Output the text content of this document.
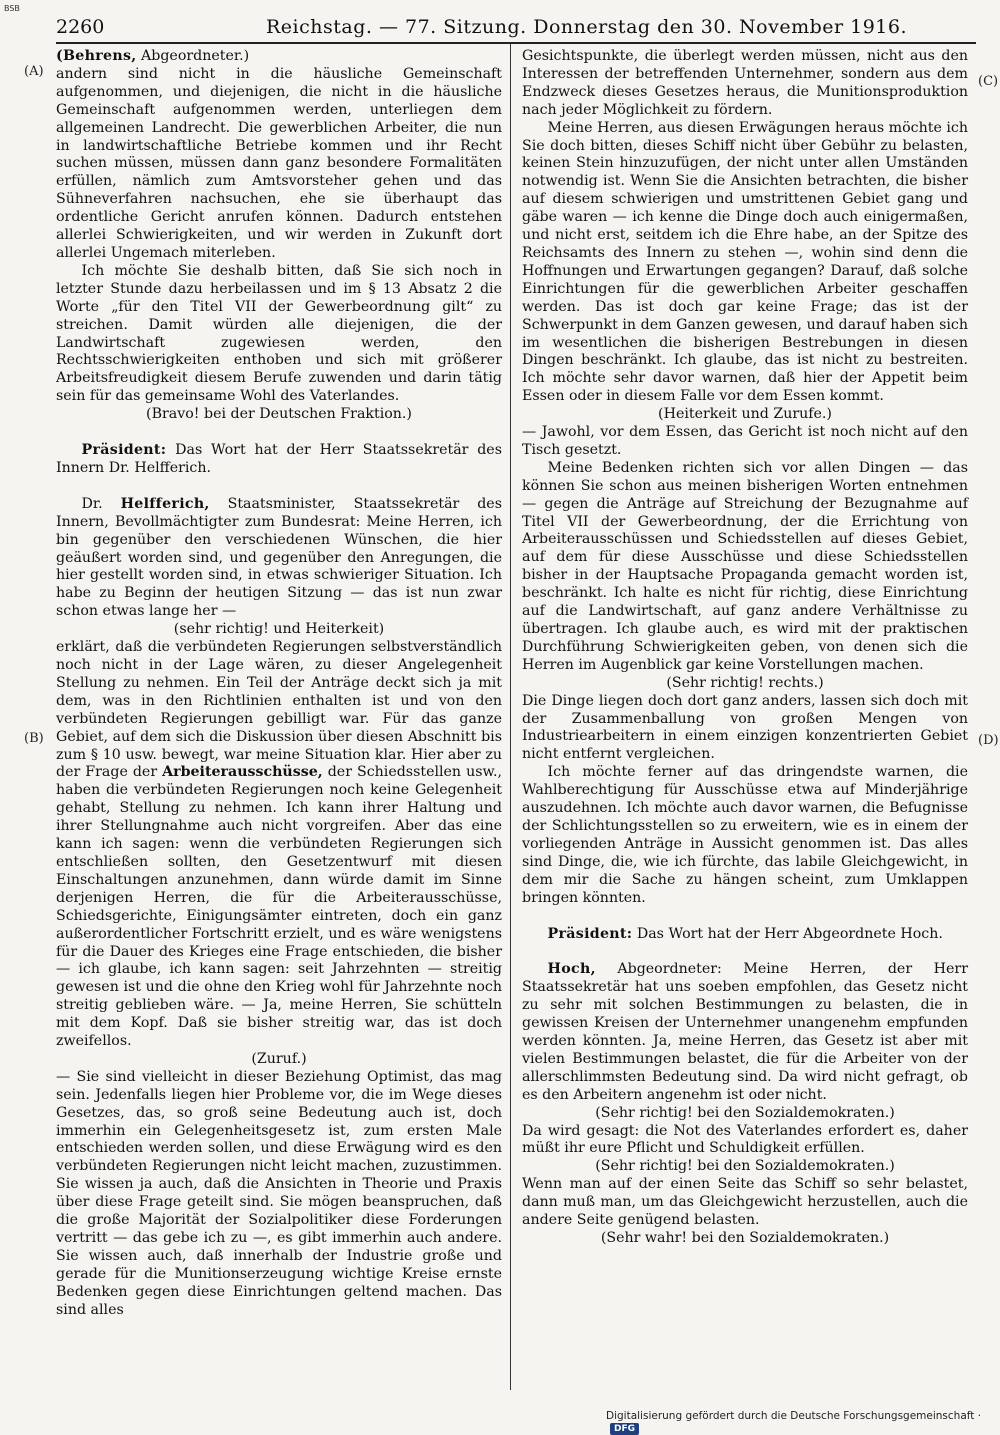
BSB
2260	Reichstag. — 77. Sitzung. Donnerstag den 30. November 1916.
(A)
(B)
(C)
(D)

(Behrens, Abgeordneter.)

andern sind nicht in die häusliche Gemeinschaft aufgenommen, und diejenigen, die nicht in die häusliche Gemeinschaft aufgenommen werden, unterliegen dem allgemeinen Landrecht. Die gewerblichen Arbeiter, die nun in landwirtschaftliche Betriebe kommen und ihr Recht suchen müssen, müssen dann ganz besondere Formalitäten erfüllen, nämlich zum Amtsvorsteher gehen und das Sühneverfahren nachsuchen, ehe sie überhaupt das ordentliche Gericht anrufen können. Dadurch entstehen allerlei Schwierigkeiten, und wir werden in Zukunft dort allerlei Ungemach miterleben.

Ich möchte Sie deshalb bitten, daß Sie sich noch in letzter Stunde dazu herbeilassen und im § 13 Absatz 2 die Worte „für den Titel VII der Gewerbeordnung gilt“ zu streichen. Damit würden alle diejenigen, die der Landwirtschaft zugewiesen werden, den Rechtsschwierigkeiten enthoben und sich mit größerer Arbeitsfreudigkeit diesem Berufe zuwenden und darin tätig sein für das gemeinsame Wohl des Vaterlandes.

(Bravo! bei der Deutschen Fraktion.)

Präsident: Das Wort hat der Herr Staatssekretär des Innern Dr. Helfferich.

Dr. Helfferich, Staatsminister, Staatssekretär des Innern, Bevollmächtigter zum Bundesrat: Meine Herren, ich bin gegenüber den verschiedenen Wünschen, die hier geäußert worden sind, und gegenüber den Anregungen, die hier gestellt worden sind, in etwas schwieriger Situation. Ich habe zu Beginn der heutigen Sitzung — das ist nun zwar schon etwas lange her —

(sehr richtig! und Heiterkeit)

erklärt, daß die verbündeten Regierungen selbstverständlich noch nicht in der Lage wären, zu dieser Angelegenheit Stellung zu nehmen. Ein Teil der Anträge deckt sich ja mit dem, was in den Richtlinien enthalten ist und von den verbündeten Regierungen gebilligt war. Für das ganze Gebiet, auf dem sich die Diskussion über diesen Abschnitt bis zum § 10 usw. bewegt, war meine Situation klar. Hier aber zu der Frage der Arbeiterausschüsse, der Schiedsstellen usw., haben die verbündeten Regierungen noch keine Gelegenheit gehabt, Stellung zu nehmen. Ich kann ihrer Haltung und ihrer Stellungnahme auch nicht vorgreifen. Aber das eine kann ich sagen: wenn die verbündeten Regierungen sich entschließen sollten, den Gesetzentwurf mit diesen Einschaltungen anzunehmen, dann würde damit im Sinne derjenigen Herren, die für die Arbeiterausschüsse, Schiedsgerichte, Einigungsämter eintreten, doch ein ganz außerordentlicher Fortschritt erzielt, und es wäre wenigstens für die Dauer des Krieges eine Frage entschieden, die bisher — ich glaube, ich kann sagen: seit Jahrzehnten — streitig gewesen ist und die ohne den Krieg wohl für Jahrzehnte noch streitig geblieben wäre. — Ja, meine Herren, Sie schütteln mit dem Kopf. Daß sie bisher streitig war, das ist doch zweifellos.

(Zuruf.)

— Sie sind vielleicht in dieser Beziehung Optimist, das mag sein. Jedenfalls liegen hier Probleme vor, die im Wege dieses Gesetzes, das, so groß seine Bedeutung auch ist, doch immerhin ein Gelegenheitsgesetz ist, zum ersten Male entschieden werden sollen, und diese Erwägung wird es den verbündeten Regierungen nicht leicht machen, zuzustimmen. Sie wissen ja auch, daß die Ansichten in Theorie und Praxis über diese Frage geteilt sind. Sie mögen beanspruchen, daß die große Majorität der Sozialpolitiker diese Forderungen vertritt — das gebe ich zu —, es gibt immerhin auch andere. Sie wissen auch, daß innerhalb der Industrie große und gerade für die Munitionserzeugung wichtige Kreise ernste Bedenken gegen diese Einrichtungen geltend machen. Das sind alles

Gesichtspunkte, die überlegt werden müssen, nicht aus den Interessen der betreffenden Unternehmer, sondern aus dem Endzweck dieses Gesetzes heraus, die Munitionsproduktion nach jeder Möglichkeit zu fördern.

Meine Herren, aus diesen Erwägungen heraus möchte ich Sie doch bitten, dieses Schiff nicht über Gebühr zu belasten, keinen Stein hinzuzufügen, der nicht unter allen Umständen notwendig ist. Wenn Sie die Ansichten betrachten, die bisher auf diesem schwierigen und umstrittenen Gebiet gang und gäbe waren — ich kenne die Dinge doch auch einigermaßen, und nicht erst, seitdem ich die Ehre habe, an der Spitze des Reichsamts des Innern zu stehen —, wohin sind denn die Hoffnungen und Erwartungen gegangen? Darauf, daß solche Einrichtungen für die gewerblichen Arbeiter geschaffen werden. Das ist doch gar keine Frage; das ist der Schwerpunkt in dem Ganzen gewesen, und darauf haben sich im wesentlichen die bisherigen Bestrebungen in diesen Dingen beschränkt. Ich glaube, das ist nicht zu bestreiten. Ich möchte sehr davor warnen, daß hier der Appetit beim Essen oder in diesem Falle vor dem Essen kommt.

(Heiterkeit und Zurufe.)

— Jawohl, vor dem Essen, das Gericht ist noch nicht auf den Tisch gesetzt.

Meine Bedenken richten sich vor allen Dingen — das können Sie schon aus meinen bisherigen Worten entnehmen — gegen die Anträge auf Streichung der Bezugnahme auf Titel VII der Gewerbeordnung, der die Errichtung von Arbeiterausschüssen und Schiedsstellen auf dieses Gebiet, auf dem für diese Ausschüsse und diese Schiedsstellen bisher in der Hauptsache Propaganda gemacht worden ist, beschränkt. Ich halte es nicht für richtig, diese Einrichtung auf die Landwirtschaft, auf ganz andere Verhältnisse zu übertragen. Ich glaube auch, es wird mit der praktischen Durchführung Schwierigkeiten geben, von denen sich die Herren im Augenblick gar keine Vorstellungen machen.

(Sehr richtig! rechts.)

Die Dinge liegen doch dort ganz anders, lassen sich doch mit der Zusammenballung von großen Mengen von Industriearbeitern in einem einzigen konzentrierten Gebiet nicht entfernt vergleichen.

Ich möchte ferner auf das dringendste warnen, die Wahlberechtigung für Ausschüsse etwa auf Minderjährige auszudehnen. Ich möchte auch davor warnen, die Befugnisse der Schlichtungsstellen so zu erweitern, wie es in einem der vorliegenden Anträge in Aussicht genommen ist. Das alles sind Dinge, die, wie ich fürchte, das labile Gleichgewicht, in dem mir die Sache zu hängen scheint, zum Umklappen bringen könnten.

Präsident: Das Wort hat der Herr Abgeordnete Hoch.

Hoch, Abgeordneter: Meine Herren, der Herr Staatssekretär hat uns soeben empfohlen, das Gesetz nicht zu sehr mit solchen Bestimmungen zu belasten, die in gewissen Kreisen der Unternehmer unangenehm empfunden werden könnten. Ja, meine Herren, das Gesetz ist aber mit vielen Bestimmungen belastet, die für die Arbeiter von der allerschlimmsten Bedeutung sind. Da wird nicht gefragt, ob es den Arbeitern angenehm ist oder nicht.

(Sehr richtig! bei den Sozialdemokraten.)

Da wird gesagt: die Not des Vaterlandes erfordert es, daher müßt ihr eure Pflicht und Schuldigkeit erfüllen.

(Sehr richtig! bei den Sozialdemokraten.)

Wenn man auf der einen Seite das Schiff so sehr belastet, dann muß man, um das Gleichgewicht herzustellen, auch die andere Seite genügend belasten.

(Sehr wahr! bei den Sozialdemokraten.)

Digitalisierung gefördert durch die Deutsche Forschungsgemeinschaft ·DFG
